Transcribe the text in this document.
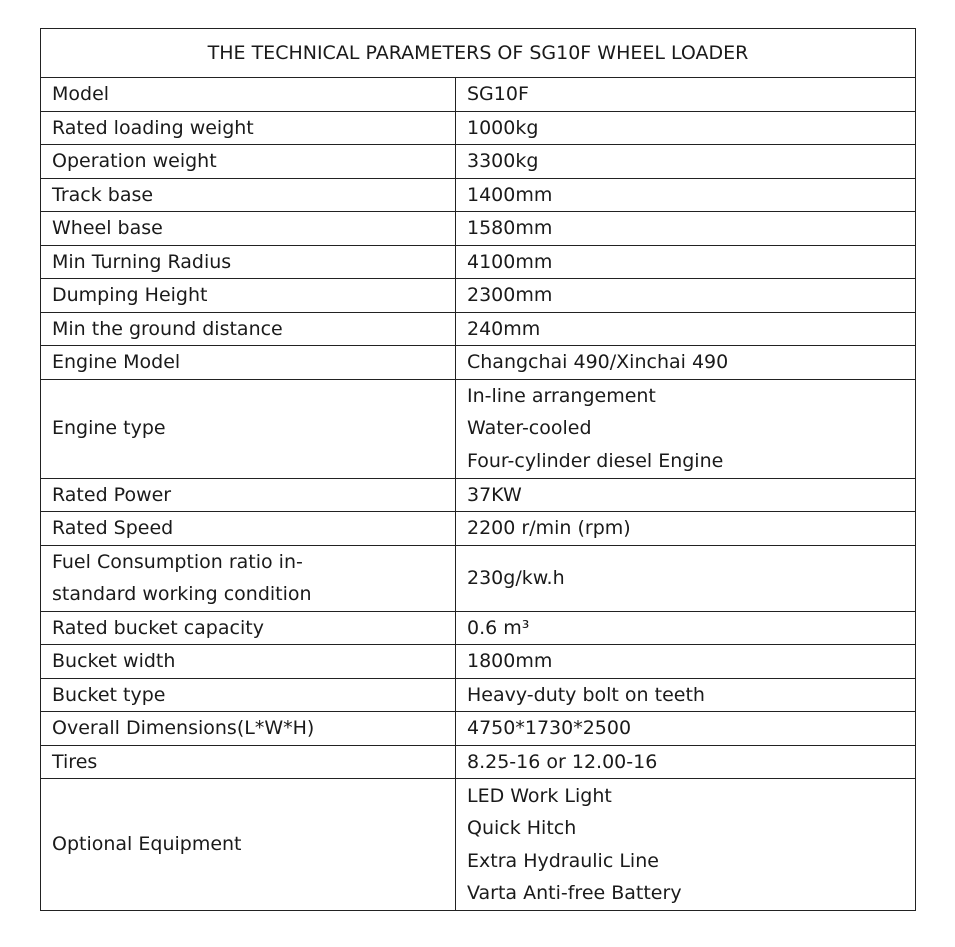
THE TECHNICAL PARAMETERS OF SG10F WHEEL LOADER	

Model	SG10F

Rated loading weight	1000kg

Operation weight	3300kg

Track base	1400mm

Wheel base	1580mm

Min Turning Radius	4100mm

Dumping Height	2300mm

Min the ground distance	240mm

Engine Model	Changchai 490/Xinchai 490

Engine type	In-line arrangement
Water-cooled
Four-cylinder diesel Engine

Rated Power	37KW

Rated Speed	2200 r/min (rpm)

Fuel Consumption ratio in-
standard working condition	230g/kw.h

Rated bucket capacity	0.6 m³

Bucket width	1800mm

Bucket type	Heavy-duty bolt on teeth

Overall Dimensions(L*W*H)	4750*1730*2500

Tires	8.25-16 or 12.00-16

Optional Equipment	LED Work Light
Quick Hitch
Extra Hydraulic Line
Varta Anti-free Battery
